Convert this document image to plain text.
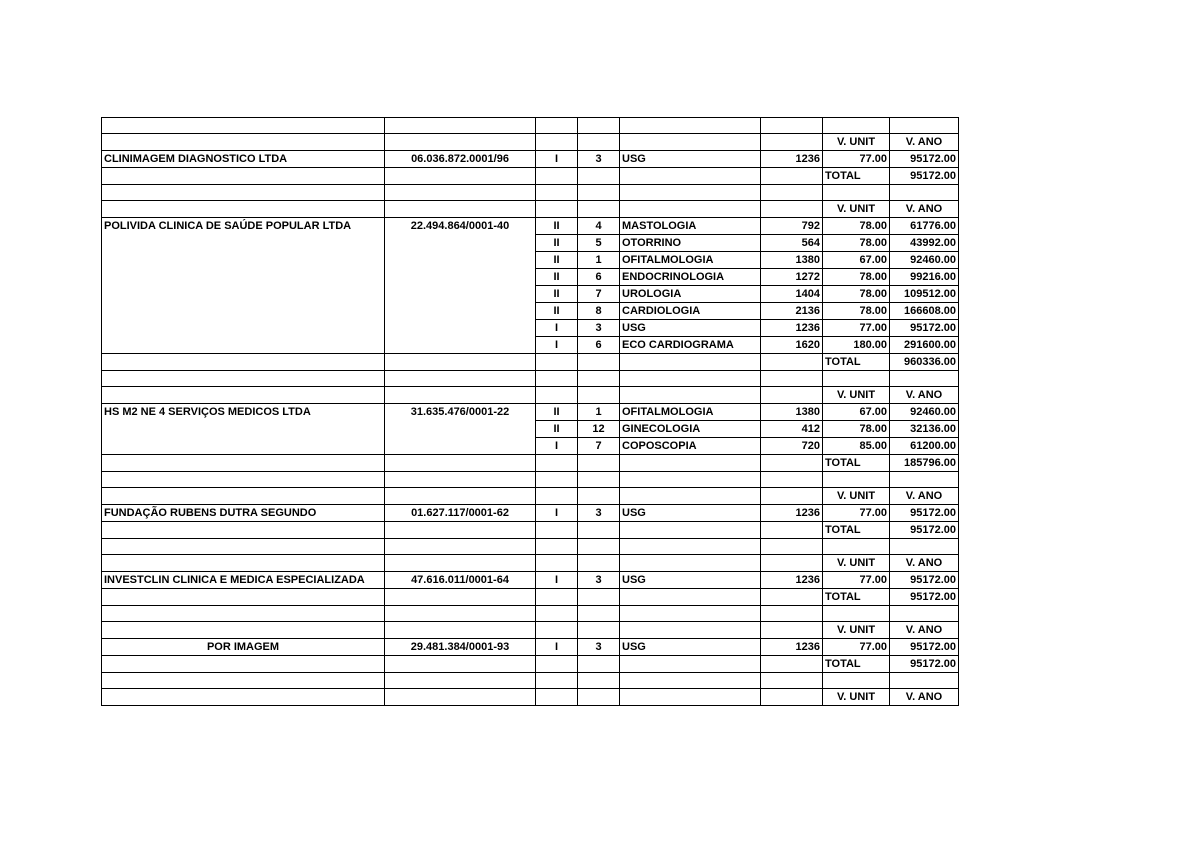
						V. UNIT	V. ANO
CLINIMAGEM DIAGNOSTICO LTDA	06.036.872.0001/96	I	3	USG	1236	77.00	95172.00
						TOTAL	95172.00

						V. UNIT	V. ANO
POLIVIDA CLINICA DE SAÚDE POPULAR LTDA	22.494.864/0001-40	II	4	MASTOLOGIA	792	78.00	61776.00
		II	5	OTORRINO	564	78.00	43992.00
		II	1	OFITALMOLOGIA	1380	67.00	92460.00
		II	6	ENDOCRINOLOGIA	1272	78.00	99216.00
		II	7	UROLOGIA	1404	78.00	109512.00
		II	8	CARDIOLOGIA	2136	78.00	166608.00
		I	3	USG	1236	77.00	95172.00
		I	6	ECO CARDIOGRAMA	1620	180.00	291600.00
						TOTAL	960336.00

						V. UNIT	V. ANO
HS M2 NE 4 SERVIÇOS MEDICOS LTDA	31.635.476/0001-22	II	1	OFITALMOLOGIA	1380	67.00	92460.00
		II	12	GINECOLOGIA	412	78.00	32136.00
		I	7	COPOSCOPIA	720	85.00	61200.00
						TOTAL	185796.00

						V. UNIT	V. ANO
FUNDAÇÃO RUBENS DUTRA SEGUNDO	01.627.117/0001-62	I	3	USG	1236	77.00	95172.00
						TOTAL	95172.00

						V. UNIT	V. ANO
INVESTCLIN CLINICA E MEDICA ESPECIALIZADA	47.616.011/0001-64	I	3	USG	1236	77.00	95172.00
						TOTAL	95172.00

						V. UNIT	V. ANO
POR IMAGEM	29.481.384/0001-93	I	3	USG	1236	77.00	95172.00
						TOTAL	95172.00

						V. UNIT	V. ANO
